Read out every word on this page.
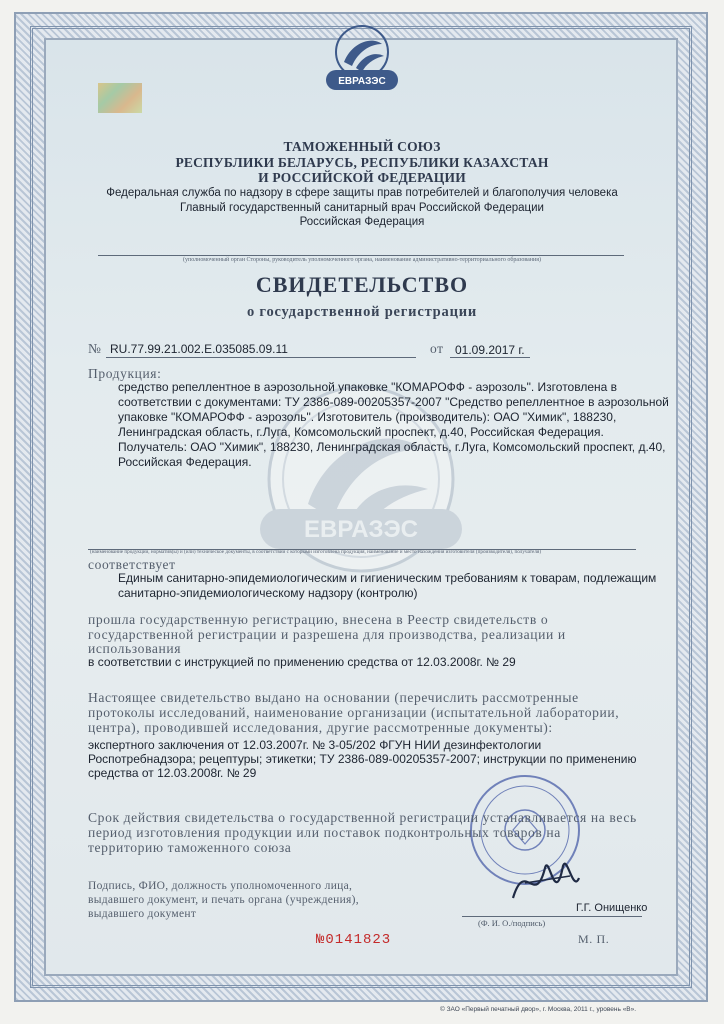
ЕВРАЗЭС
ЕВРАЗЭС
ТАМОЖЕННЫЙ СОЮЗ
РЕСПУБЛИКИ БЕЛАРУСЬ, РЕСПУБЛИКИ КАЗАХСТАН
И РОССИЙСКОЙ ФЕДЕРАЦИИ
Федеральная служба по надзору в сфере защиты прав потребителей и благополучия человека
Главный государственный санитарный врач Российской Федерации
Российская Федерация
(уполномоченный орган Стороны, руководитель уполномоченного органа, наименование административно-территориального образования)
СВИДЕТЕЛЬСТВО
о государственной регистрации
№ RU.77.99.21.002.E.035085.09.11	от 01.09.2017 г.
Продукция:
средство репеллентное в аэрозольной упаковке "КОМАРОФФ - аэрозоль". Изготовлена в
соответствии с документами: ТУ 2386-089-00205357-2007 "Средство репеллентное в аэрозольной
упаковке "КОМАРОФФ - аэрозоль". Изготовитель (производитель): ОАО "Химик", 188230,
Ленинградская область, г.Луга, Комсомольский проспект, д.40, Российская Федерация.
Получатель: ОАО "Химик", 188230, Ленинградская область, г.Луга, Комсомольский проспект, д.40,
Российская Федерация.
(наименование продукции, норматив(ы) и (или) техническое документы, в соответствии с которыми изготовлена продукция, наименование и место нахождения изготовителя (производителя), получателя)
соответствует
Единым санитарно-эпидемиологическим и гигиеническим требованиям к товарам, подлежащим
санитарно-эпидемиологическому надзору (контролю)
прошла государственную регистрацию, внесена в Реестр свидетельств о
государственной регистрации и разрешена для производства, реализации и
использования
в соответствии с инструкцией по применению средства от 12.03.2008г. № 29
Настоящее свидетельство выдано на основании (перечислить рассмотренные
протоколы исследований, наименование организации (испытательной лаборатории,
центра), проводившей исследования, другие рассмотренные документы):
экспертного заключения от 12.03.2007г. № 3-05/202 ФГУН НИИ дезинфектологии
Роспотребнадзора; рецептуры; этикетки; ТУ 2386-089-00205357-2007; инструкции по применению
средства от 12.03.2008г. № 29
Срок действия свидетельства о государственной регистрации устанавливается на весь
период изготовления продукции или поставок подконтрольных товаров на
территорию таможенного союза
Подпись, ФИО, должность уполномоченного лица,
выдавшего документ, и печать органа (учреждения),
выдавшего документ	Г.Г. Онищенко
(Ф. И. О./подпись)
№0141823	М. П.
© ЗАО «Первый печатный двор», г. Москва, 2011 г., уровень «В».
